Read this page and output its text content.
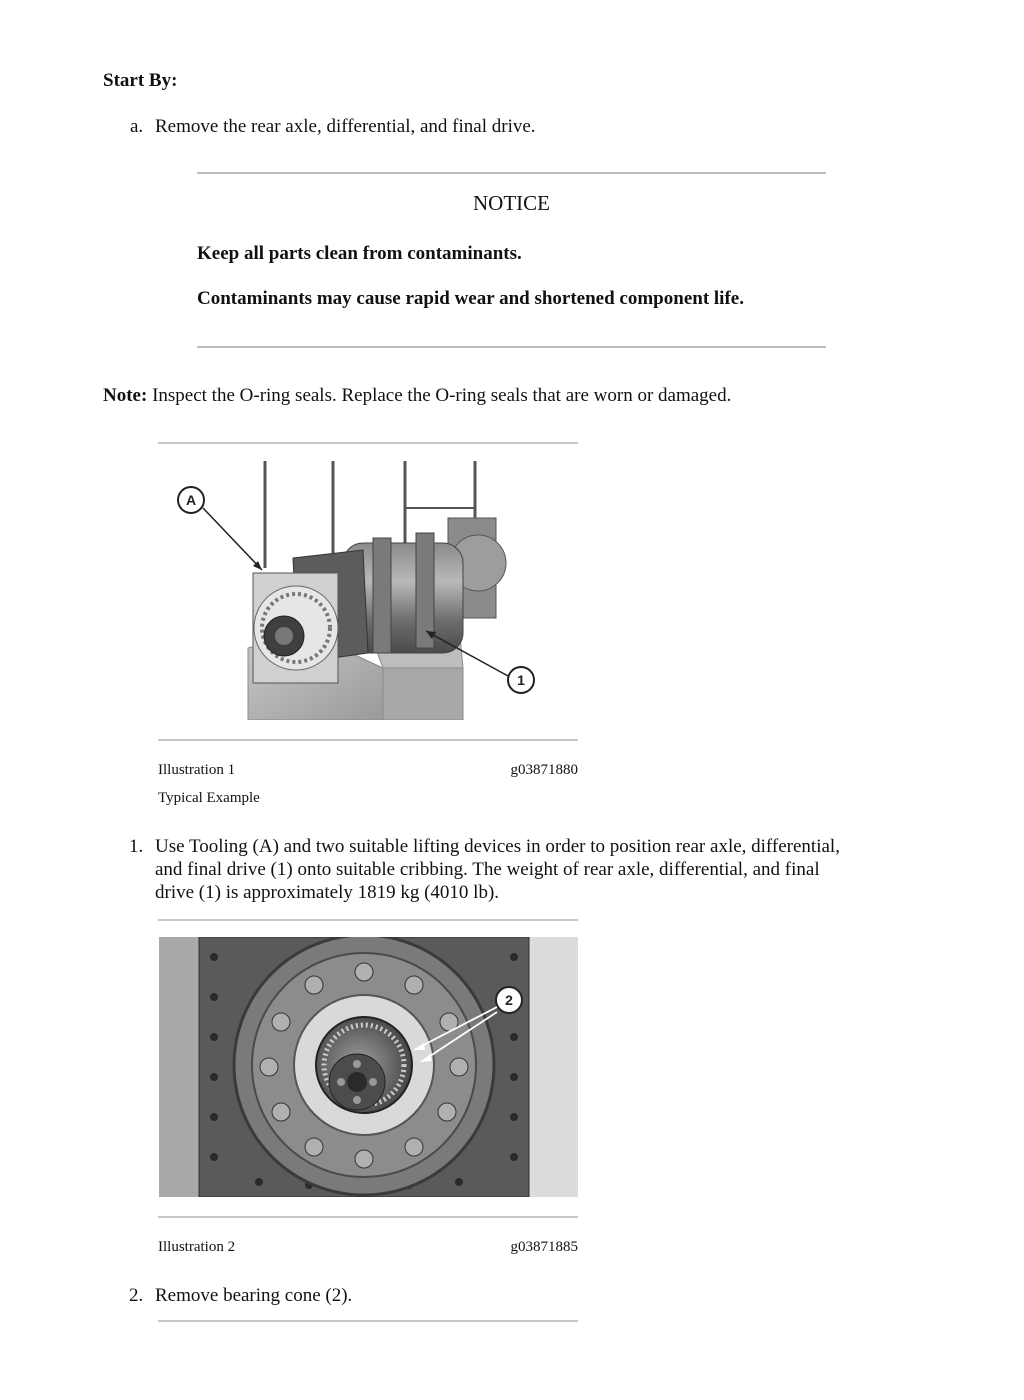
Start By:
a. Remove the rear axle, differential, and final drive.
NOTICE
Keep all parts clean from contaminants.
Contaminants may cause rapid wear and shortened component life.
Note: Inspect the O-ring seals. Replace the O-ring seals that are worn or damaged.
A
1
Illustration 1	g03871880
Typical Example
1. Use Tooling (A) and two suitable lifting devices in order to position rear axle, differential,
and final drive (1) onto suitable cribbing. The weight of rear axle, differential, and final
drive (1) is approximately 1819 kg (4010 lb).
2
Illustration 2	g03871885
2. Remove bearing cone (2).
